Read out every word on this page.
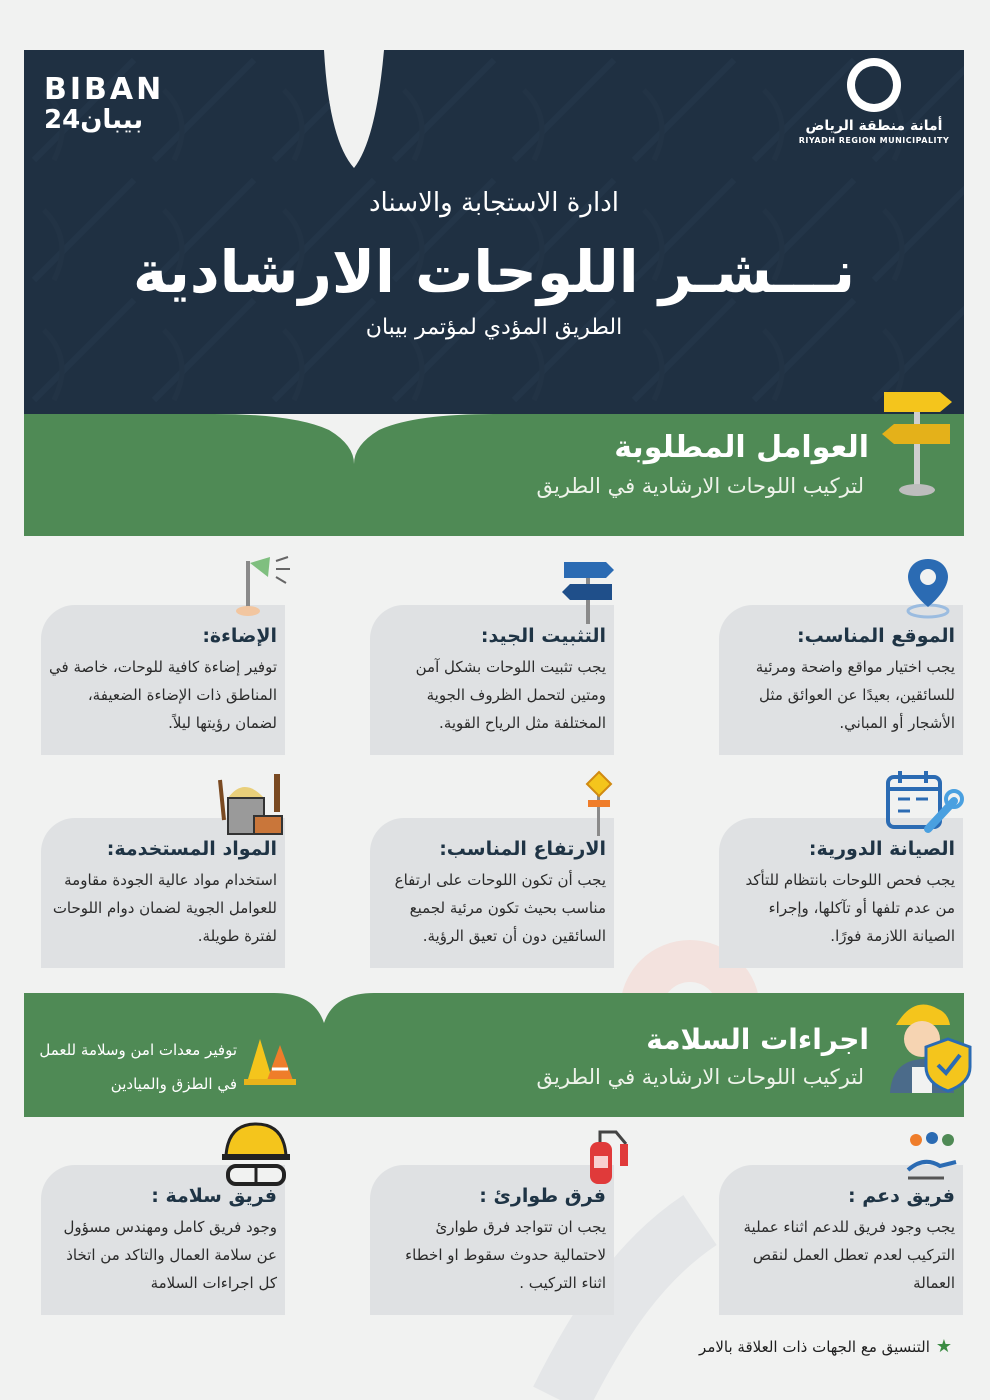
BIBAN
بيبان24	أمانة منطقة الرياض
RIYADH REGION MUNICIPALITY
ادارة الاستجابة والاسناد
نـــشـر اللوحات الارشادية
الطريق المؤدي لمؤتمر بيبان
العوامل المطلوبة
لتركيب اللوحات الارشادية في الطريق
الموقع المناسب:
يجب اختيار مواقع واضحة ومرئية للسائقين، بعيدًا عن العوائق مثل الأشجار أو المباني.
التثبيت الجيد:
يجب تثبيت اللوحات بشكل آمن ومتين لتحمل الظروف الجوية المختلفة مثل الرياح القوية.
الإضاءة:
توفير إضاءة كافية للوحات، خاصة في المناطق ذات الإضاءة الضعيفة، لضمان رؤيتها ليلاً.
الصيانة الدورية:
يجب فحص اللوحات بانتظام للتأكد من عدم تلفها أو تآكلها، وإجراء الصيانة اللازمة فورًا.
الارتفاع المناسب:
يجب أن تكون اللوحات على ارتفاع مناسب بحيث تكون مرئية لجميع السائقين دون أن تعيق الرؤية.
المواد المستخدمة:
استخدام مواد عالية الجودة مقاومة للعوامل الجوية لضمان دوام اللوحات لفترة طويلة.
توفير معدات امن وسلامة للعمل في الطزق والميادين
اجراءات السلامة
لتركيب اللوحات الارشادية في الطريق
فريق دعم :
يجب وجود فريق للدعم اثناء عملية التركيب لعدم تعطل العمل لنقص العمالة
فرق طوارئ :
يجب ان تتواجد فرق طوارئ لاحتمالية حدوث سقوط او اخطاء اثناء التركيب .
فريق سلامة :
وجود فريق كامل ومهندس مسؤول عن سلامة العمال والتاكد من اتخاذ كل اجراءات السلامة
★التنسيق مع الجهات ذات العلاقة بالامر
